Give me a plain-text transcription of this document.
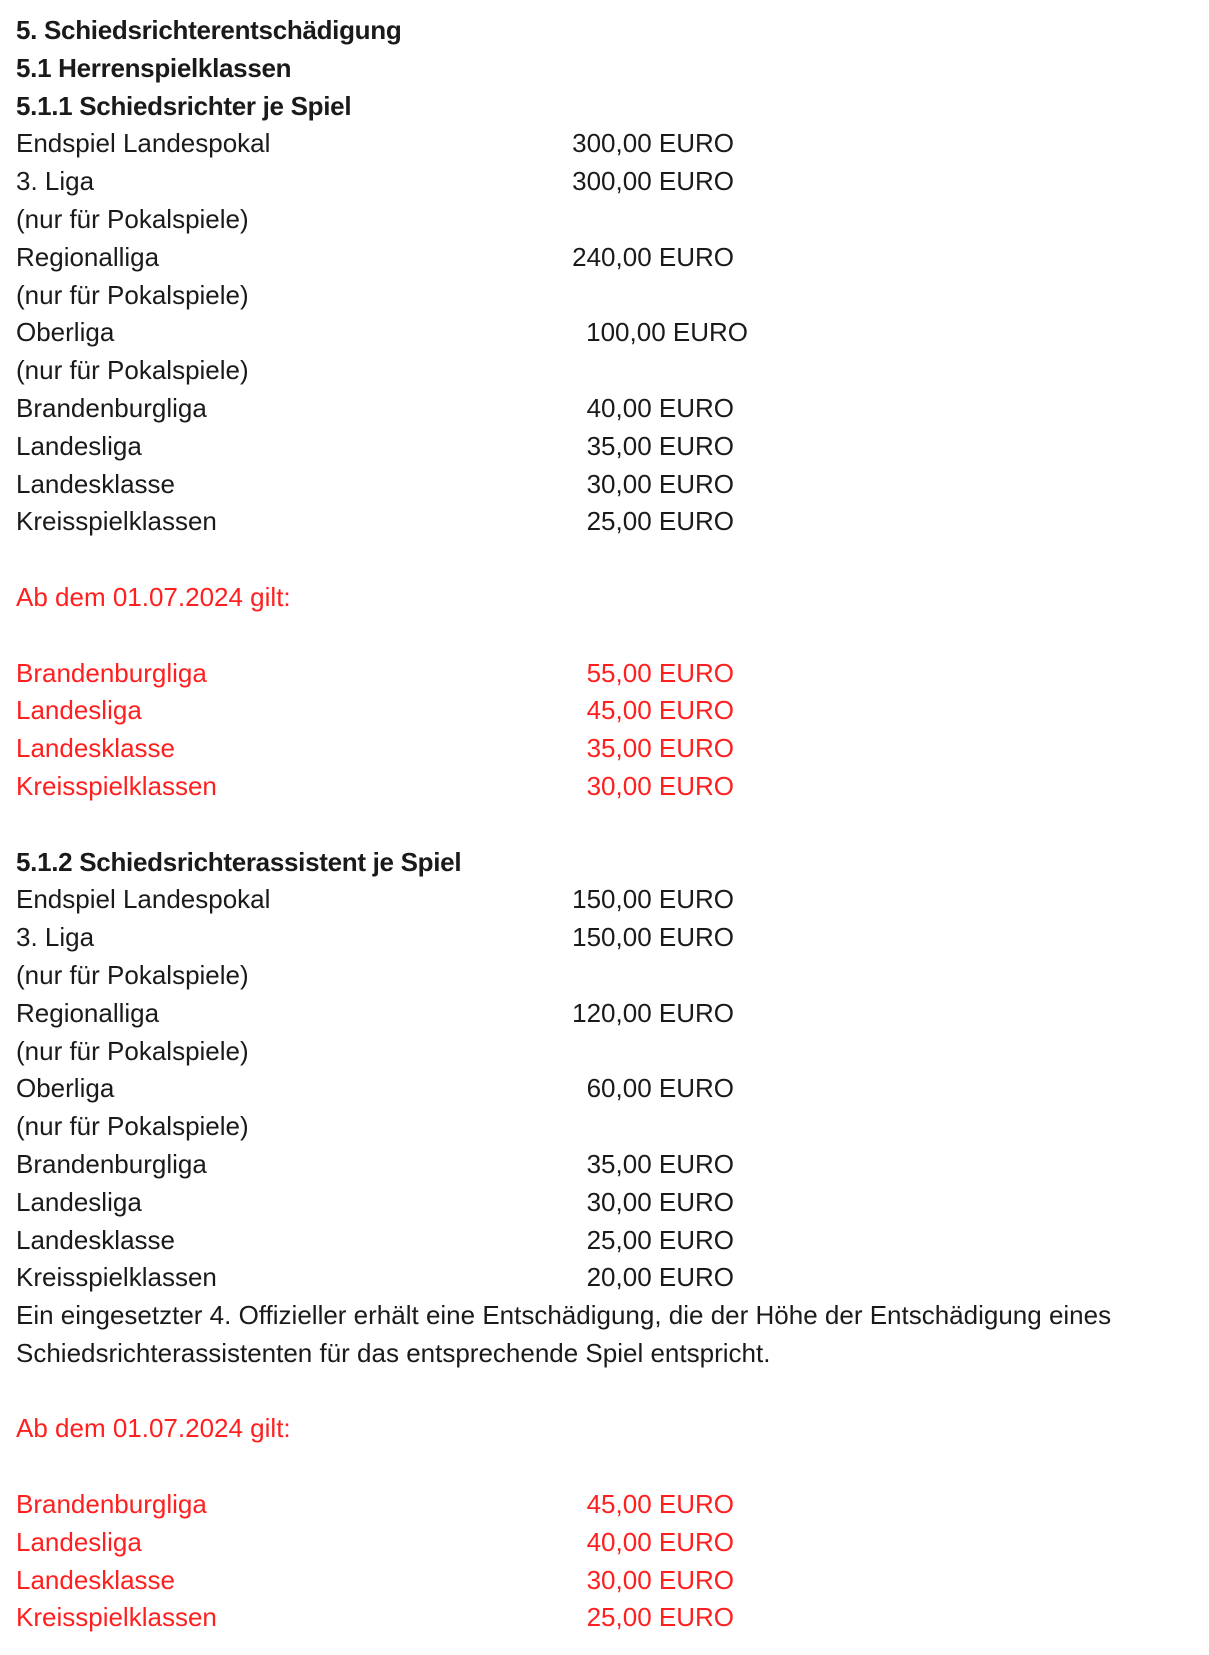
5. Schiedsrichterentschädigung
5.1 Herrenspielklassen
5.1.1 Schiedsrichter je Spiel
Endspiel Landespokal	300,00 EURO
3. Liga	300,00 EURO
(nur für Pokalspiele)
Regionalliga	240,00 EURO
(nur für Pokalspiele)
Oberliga	100,00 EURO
(nur für Pokalspiele)
Brandenburgliga	40,00 EURO
Landesliga	35,00 EURO
Landesklasse	30,00 EURO
Kreisspielklassen	25,00 EURO
Ab dem 01.07.2024 gilt:
Brandenburgliga	55,00 EURO
Landesliga	45,00 EURO
Landesklasse	35,00 EURO
Kreisspielklassen	30,00 EURO
5.1.2 Schiedsrichterassistent je Spiel
Endspiel Landespokal	150,00 EURO
3. Liga	150,00 EURO
(nur für Pokalspiele)
Regionalliga	120,00 EURO
(nur für Pokalspiele)
Oberliga	60,00 EURO
(nur für Pokalspiele)
Brandenburgliga	35,00 EURO
Landesliga	30,00 EURO
Landesklasse	25,00 EURO
Kreisspielklassen	20,00 EURO
Ein eingesetzter 4. Offizieller erhält eine Entschädigung, die der Höhe der Entschädigung eines Schiedsrichterassistenten für das entsprechende Spiel entspricht.
Ab dem 01.07.2024 gilt:
Brandenburgliga	45,00 EURO
Landesliga	40,00 EURO
Landesklasse	30,00 EURO
Kreisspielklassen	25,00 EURO
